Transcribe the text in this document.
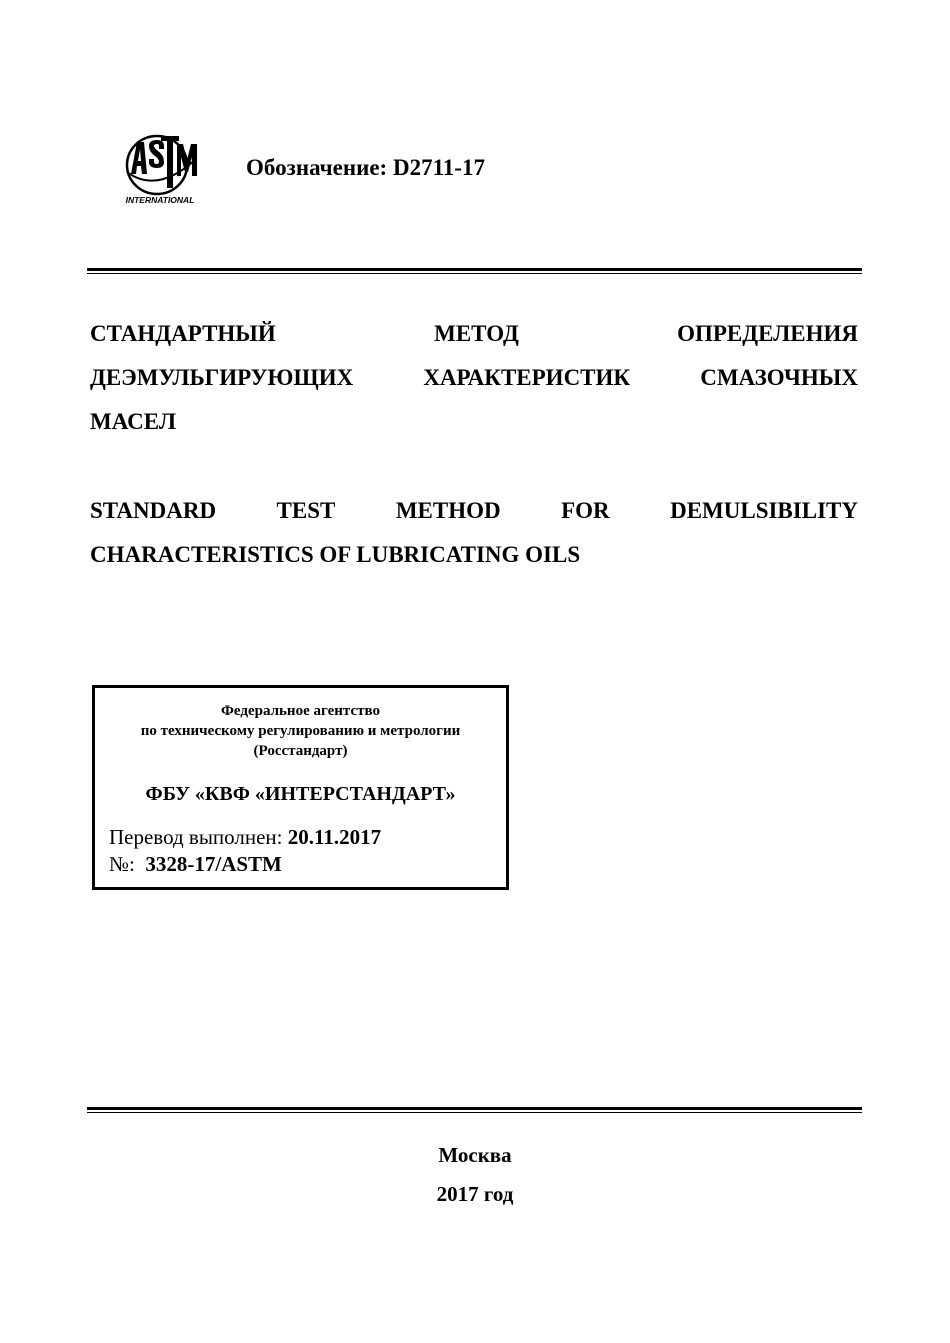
INTERNATIONAL
Обозначение: D2711-17
СТАНДАРТНЫЙ	МЕТОД	ОПРЕДЕЛЕНИЯ
ДЕЭМУЛЬГИРУЮЩИХ	ХАРАКТЕРИСТИК	СМАЗОЧНЫХ
МАСЕЛ
STANDARD	TEST	METHOD	FOR	DEMULSIBILITY
CHARACTERISTICS OF LUBRICATING OILS
Федеральное агентство
по техническому регулированию и метрологии
(Росстандарт)
ФБУ «КВФ «ИНТЕРСТАНДАРТ»
Перевод выполнен: 20.11.2017
№: 3328-17/ASTM
Москва
2017 год
